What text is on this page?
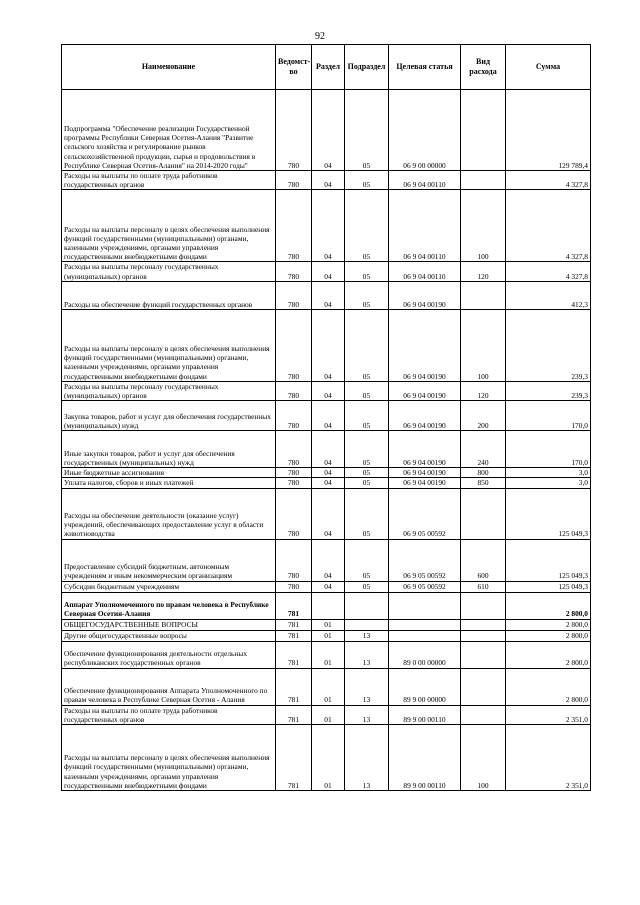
92
Наименование	Ведомст-во	Раздел	Подраздел	Целевая статья	Вид расхода	Сумма
Подпрограмма "Обеспечение реализации Государственной программы Республики Северная Осетия-Алания "Развитие сельского хозяйства и регулирование рынков сельскохозяйственной продукции, сырья и продовольствия в Республике Северная Осетия-Алания" на 2014-2020 годы"	780	04	05	06 9 00 00000		129 789,4
Расходы на выплаты по оплате труда работников государственных органов	780	04	05	06 9 04 00110		4 327,8
Расходы на выплаты персоналу в целях обеспечения выполнения функций государственными (муниципальными) органами, казенными учреждениями, органами управления государственными внебюджетными фондами	780	04	05	06 9 04 00110	100	4 327,8
Расходы на выплаты персоналу государственных (муниципальных) органов	780	04	05	06 9 04 00110	120	4 327,8
Расходы на обеспечение функций государственных органов	780	04	05	06 9 04 00190		412,3
Расходы на выплаты персоналу в целях обеспечения выполнения функций государственными (муниципальными) органами, казенными учреждениями, органами управления государственными внебюджетными фондами	780	04	05	06 9 04 00190	100	239,3
Расходы на выплаты персоналу государственных (муниципальных) органов	780	04	05	06 9 04 00190	120	239,3
Закупка товаров, работ и услуг для обеспечения государственных (муниципальных) нужд	780	04	05	06 9 04 00190	200	170,0
Иные закупки товаров, работ и услуг для обеспечения государственных (муниципальных) нужд	780	04	05	06 9 04 00190	240	170,0
Иные бюджетные ассигнования	780	04	05	06 9 04 00190	800	3,0
Уплата налогов, сборов и иных платежей	780	04	05	06 9 04 00190	850	3,0
Расходы на обеспечение деятельности (оказание услуг) учреждений, обеспечивающих предоставление услуг в области животноводства	780	04	05	06 9 05 00592		125 049,3
Предоставление субсидий бюджетным, автономным учреждениям и иным некоммерческим организациям	780	04	05	06 9 05 00592	600	125 049,3
Субсидии бюджетным учреждениям	780	04	05	06 9 05 00592	610	125 049,3
Аппарат Уполномоченного по правам человека в Республике Северная Осетия-Алания	781					2 800,0
ОБЩЕГОСУДАРСТВЕННЫЕ ВОПРОСЫ	781	01				2 800,0
Другие общегосударственные вопросы	781	01	13			2 800,0
Обеспечение функционирования деятельности отдельных республиканских государственных органов	781	01	13	89 0 00 00000		2 800,0
Обеспечение функционирования Аппарата Уполномоченного по правам человека в Республике Северная Осетия - Алания	781	01	13	89 9 00 00000		2 800,0
Расходы на выплаты по оплате труда работников государственных органов	781	01	13	89 9 00 00110		2 351,0
Расходы на выплаты персоналу в целях обеспечения выполнения функций государственными (муниципальными) органами, казенными учреждениями, органами управления государственными внебюджетными фондами	781	01	13	89 9 00 00110	100	2 351,0
